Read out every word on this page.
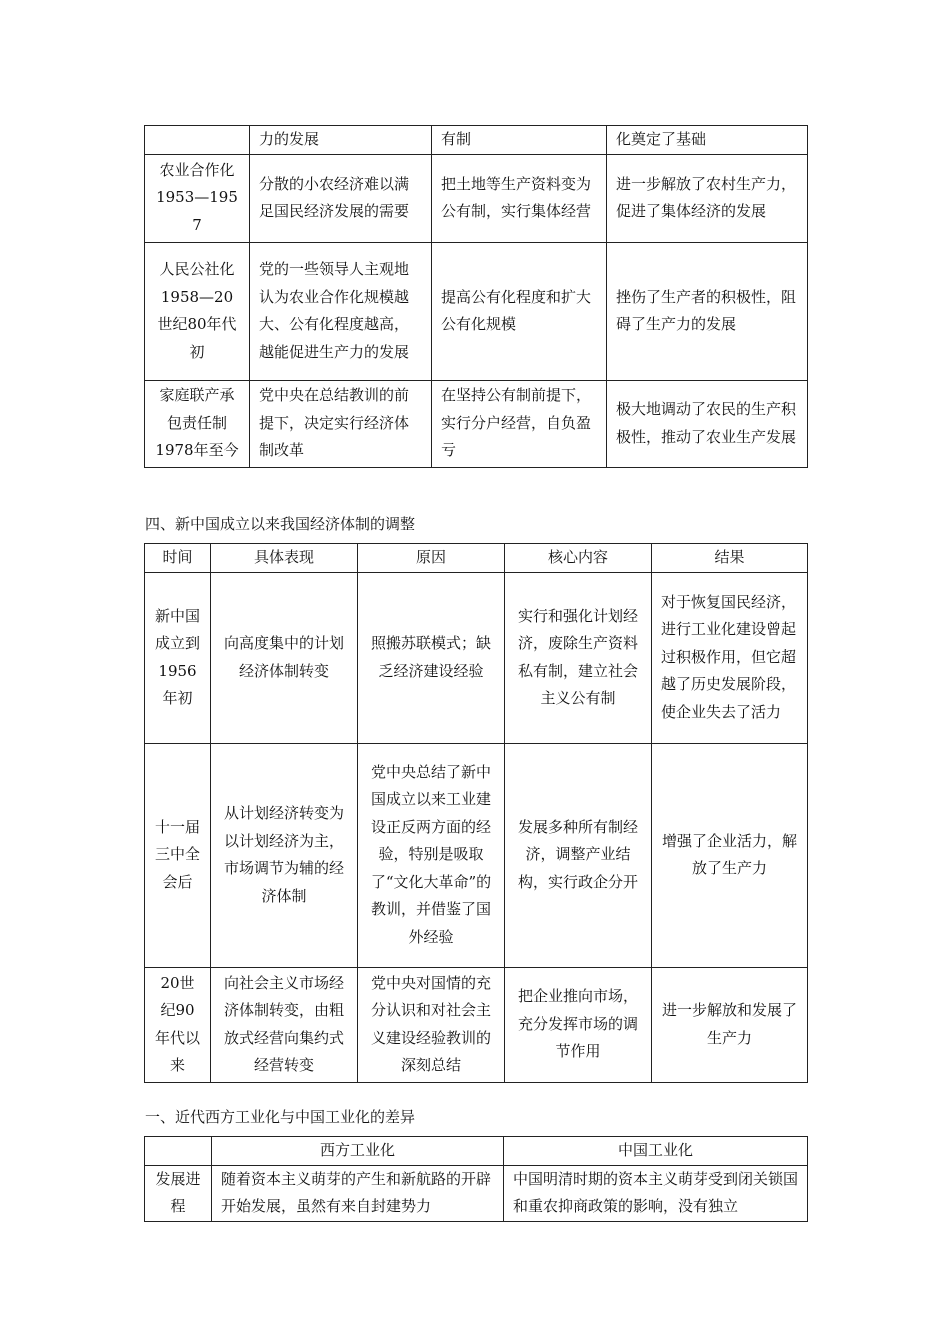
	力的发展	有制	化奠定了基础
农业合作化
1953—1957	分散的小农经济难以满足国民经济发展的需要	把土地等生产资料变为公有制，实行集体经营	进一步解放了农村生产力，促进了集体经济的发展
人民公社化
1958—20世纪80年代初	党的一些领导人主观地认为农业合作化规模越大、公有化程度越高，越能促进生产力的发展	提高公有化程度和扩大公有化规模	挫伤了生产者的积极性，阻碍了生产力的发展
家庭联产承包责任制
1978年至今	党中央在总结教训的前提下，决定实行经济体制改革	在坚持公有制前提下，实行分户经营，自负盈亏	极大地调动了农民的生产积极性，推动了农业生产发展

四、新中国成立以来我国经济体制的调整

时间	具体表现	原因	核心内容	结果
新中国成立到1956年初	向高度集中的计划经济体制转变	照搬苏联模式；缺乏经济建设经验	实行和强化计划经济，废除生产资料私有制，建立社会主义公有制	对于恢复国民经济，进行工业化建设曾起过积极作用，但它超越了历史发展阶段，使企业失去了活力
十一届三中全会后	从计划经济转变为以计划经济为主，市场调节为辅的经济体制	党中央总结了新中国成立以来工业建设正反两方面的经验，特别是吸取了“文化大革命”的教训，并借鉴了国外经验	发展多种所有制经济，调整产业结构，实行政企分开	增强了企业活力，解放了生产力
20世纪90年代以来	向社会主义市场经济体制转变，由粗放式经营向集约式经营转变	党中央对国情的充分认识和对社会主义建设经验教训的深刻总结	把企业推向市场，充分发挥市场的调节作用	进一步解放和发展了生产力

一、近代西方工业化与中国工业化的差异

	西方工业化	中国工业化
发展进程	随着资本主义萌芽的产生和新航路的开辟开始发展，虽然有来自封建势力	中国明清时期的资本主义萌芽受到闭关锁国和重农抑商政策的影响，没有独立
